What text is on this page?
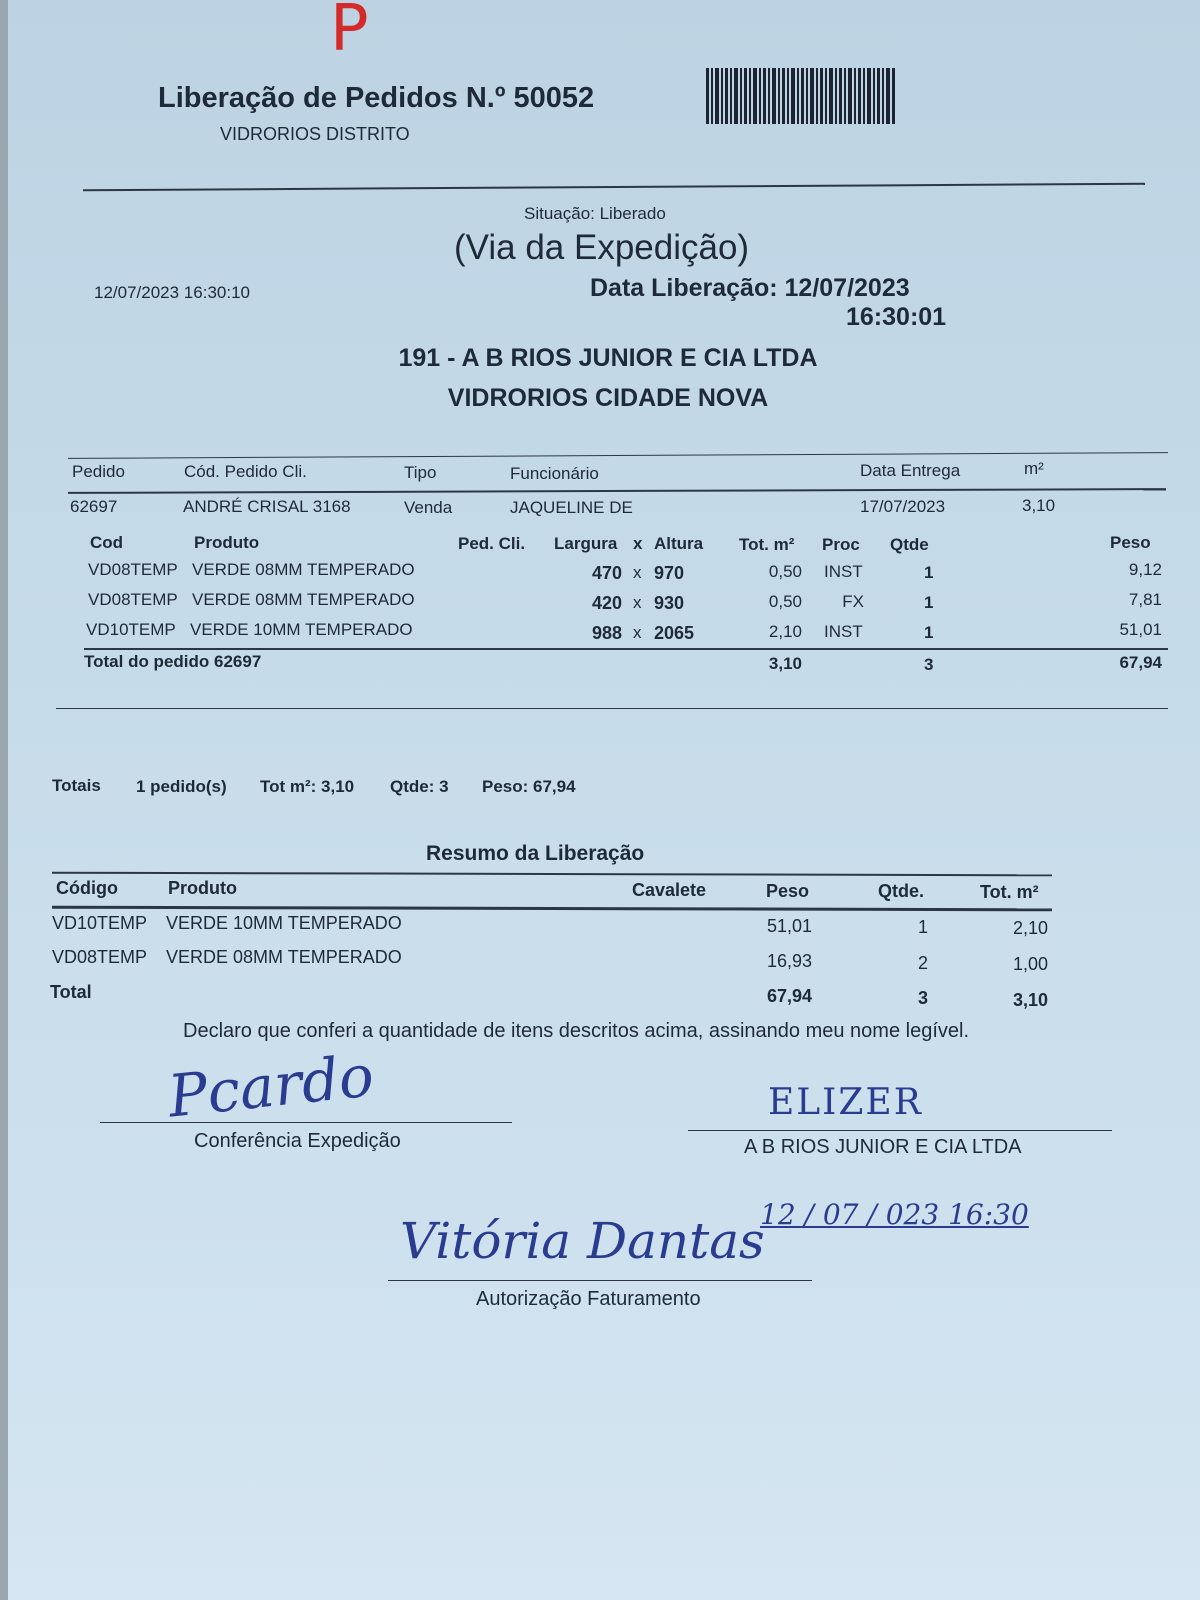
P
Liberação de Pedidos N.º 50052
VIDRORIOS DISTRITO
Situação: Liberado
(Via da Expedição)
12/07/2023 16:30:10	Data Liberação: 12/07/2023
16:30:01
191 - A B RIOS JUNIOR E CIA LTDA
VIDRORIOS CIDADE NOVA
Pedido	Cód. Pedido Cli.	Tipo	Funcionário	Data Entrega	m²
62697	ANDRÉ CRISAL 3168	Venda	JAQUELINE DE	17/07/2023	3,10
Cod	Produto	Ped. Cli. Largura x Altura Tot. m² Proc Qtde	Peso
VD08TEMP VERDE 08MM TEMPERADO	470 x 970	0,50 INST	1	9,12
VD08TEMP VERDE 08MM TEMPERADO	420 x 930	0,50	FX	1	7,81
VD10TEMP VERDE 10MM TEMPERADO	988 x 2065	2,10 INST	1	51,01
Total do pedido 62697	3,10	3	67,94
Totais 1 pedido(s) Tot m²: 3,10 Qtde: 3 Peso: 67,94
Resumo da Liberação
Código	Produto	Cavalete	Peso	Qtde.	Tot. m²
VD10TEMP VERDE 10MM TEMPERADO	51,01	1	2,10
VD08TEMP VERDE 08MM TEMPERADO	16,93	2	1,00
Total	67,94	3	3,10
Declaro que conferi a quantidade de itens descritos acima, assinando meu nome legível.
Pcardo
Conferência Expedição
ELIZER
A B RIOS JUNIOR E CIA LTDA
12 / 07 / 023 16:30
Vitória Dantas
Autorização Faturamento
